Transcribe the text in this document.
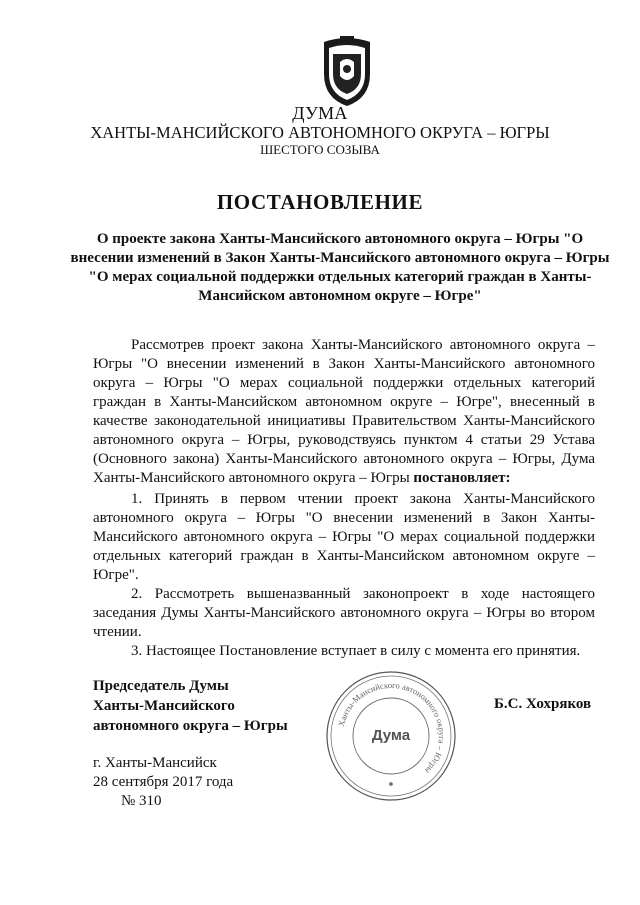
ДУМА
ХАНТЫ-МАНСИЙСКОГО АВТОНОМНОГО ОКРУГА – ЮГРЫ
ШЕСТОГО СОЗЫВА
ПОСТАНОВЛЕНИЕ
О проекте закона Ханты-Мансийского автономного округа – Югры "О внесении изменений в Закон Ханты-Мансийского автономного округа – Югры "О мерах социальной поддержки отдельных категорий граждан в Ханты-Мансийском автономном округе – Югре"

Рассмотрев проект закона Ханты-Мансийского автономного округа – Югры "О внесении изменений в Закон Ханты-Мансийского автономного округа – Югры "О мерах социальной поддержки отдельных категорий граждан в Ханты-Мансийском автономном округе – Югре", внесенный в качестве законодательной инициативы Правительством Ханты-Мансийского автономного округа – Югры, руководствуясь пунктом 4 статьи 29 Устава (Основного закона) Ханты-Мансийского автономного округа – Югры, Дума Ханты-Мансийского автономного округа – Югры постановляет:

1. Принять в первом чтении проект закона Ханты-Мансийского автономного округа – Югры "О внесении изменений в Закон Ханты-Мансийского автономного округа – Югры "О мерах социальной поддержки отдельных категорий граждан в Ханты-Мансийском автономном округе – Югре".

2. Рассмотреть вышеназванный законопроект в ходе настоящего заседания Думы Ханты-Мансийского автономного округа – Югры во втором чтении.

3. Настоящее Постановление вступает в силу с момента его принятия.

Председатель Думы
Ханты-Мансийского
автономного округа – Югры	Ханты-Мансийского автономного округа – Югры
Дума
Б.С. Хохряков
г. Ханты-Мансийск
28 сентября 2017 года
№ 310
